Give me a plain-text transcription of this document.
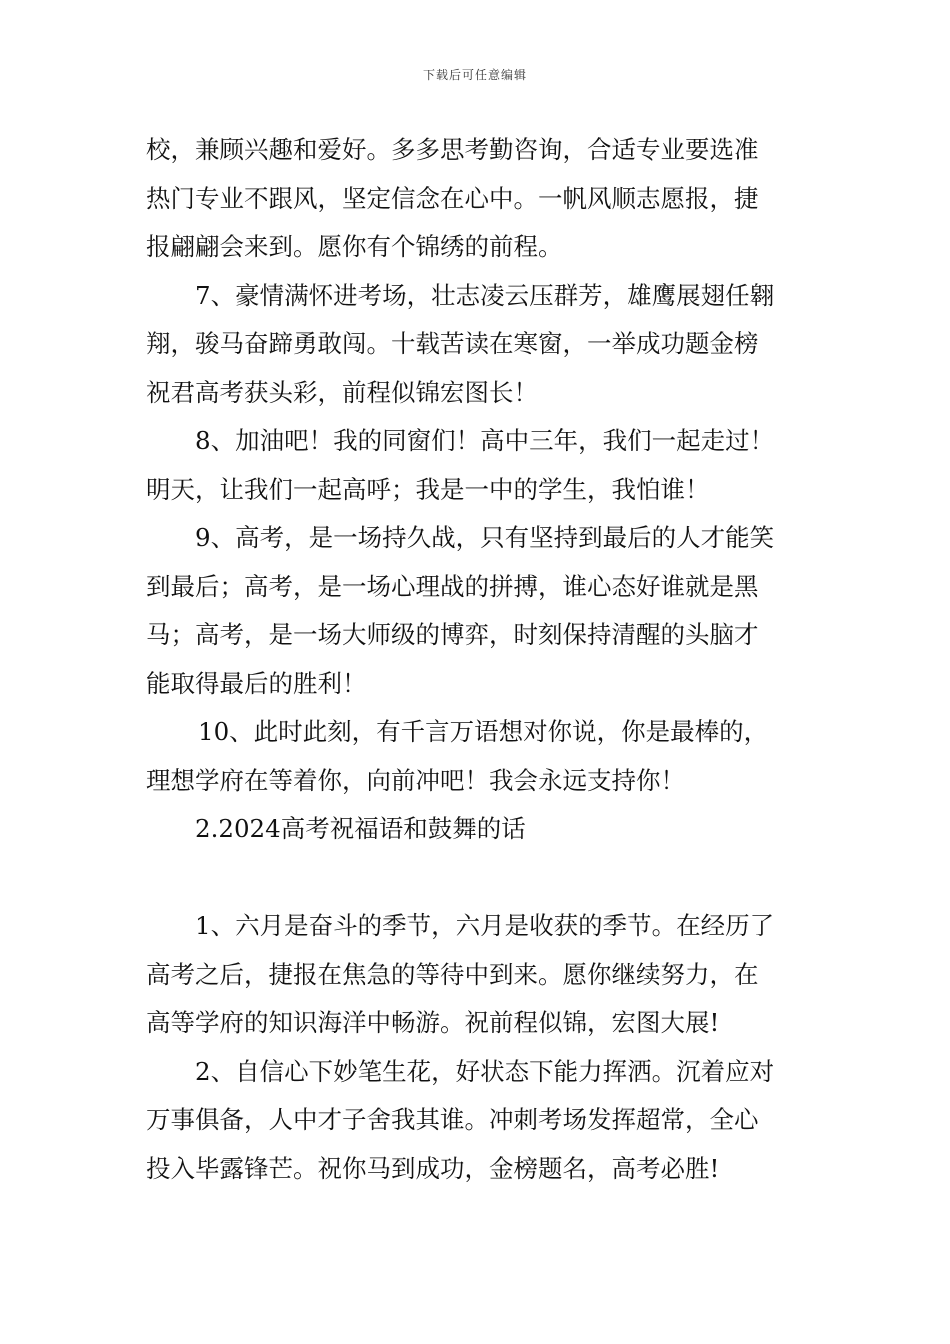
下载后可任意编辑
校，兼顾兴趣和爱好。多多思考勤咨询，合适专业要选准
热门专业不跟风，坚定信念在心中。一帆风顺志愿报，捷
报翩翩会来到。愿你有个锦绣的前程。
7、豪情满怀进考场，壮志凌云压群芳，雄鹰展翅任翱
翔，骏马奋蹄勇敢闯。十载苦读在寒窗，一举成功题金榜
祝君高考获头彩，前程似锦宏图长！
8、加油吧！我的同窗们！高中三年，我们一起走过！
明天，让我们一起高呼；我是一中的学生，我怕谁！
9、高考，是一场持久战，只有坚持到最后的人才能笑
到最后；高考，是一场心理战的拼搏，谁心态好谁就是黑
马；高考，是一场大师级的博弈，时刻保持清醒的头脑才
能取得最后的胜利！
10、此时此刻，有千言万语想对你说，你是最棒的，
理想学府在等着你，向前冲吧！我会永远支持你！
2.2024高考祝福语和鼓舞的话
1、六月是奋斗的季节，六月是收获的季节。在经历了
高考之后，捷报在焦急的等待中到来。愿你继续努力，在
高等学府的知识海洋中畅游。祝前程似锦，宏图大展!
2、自信心下妙笔生花，好状态下能力挥洒。沉着应对
万事俱备，人中才子舍我其谁。冲刺考场发挥超常，全心
投入毕露锋芒。祝你马到成功，金榜题名，高考必胜!
